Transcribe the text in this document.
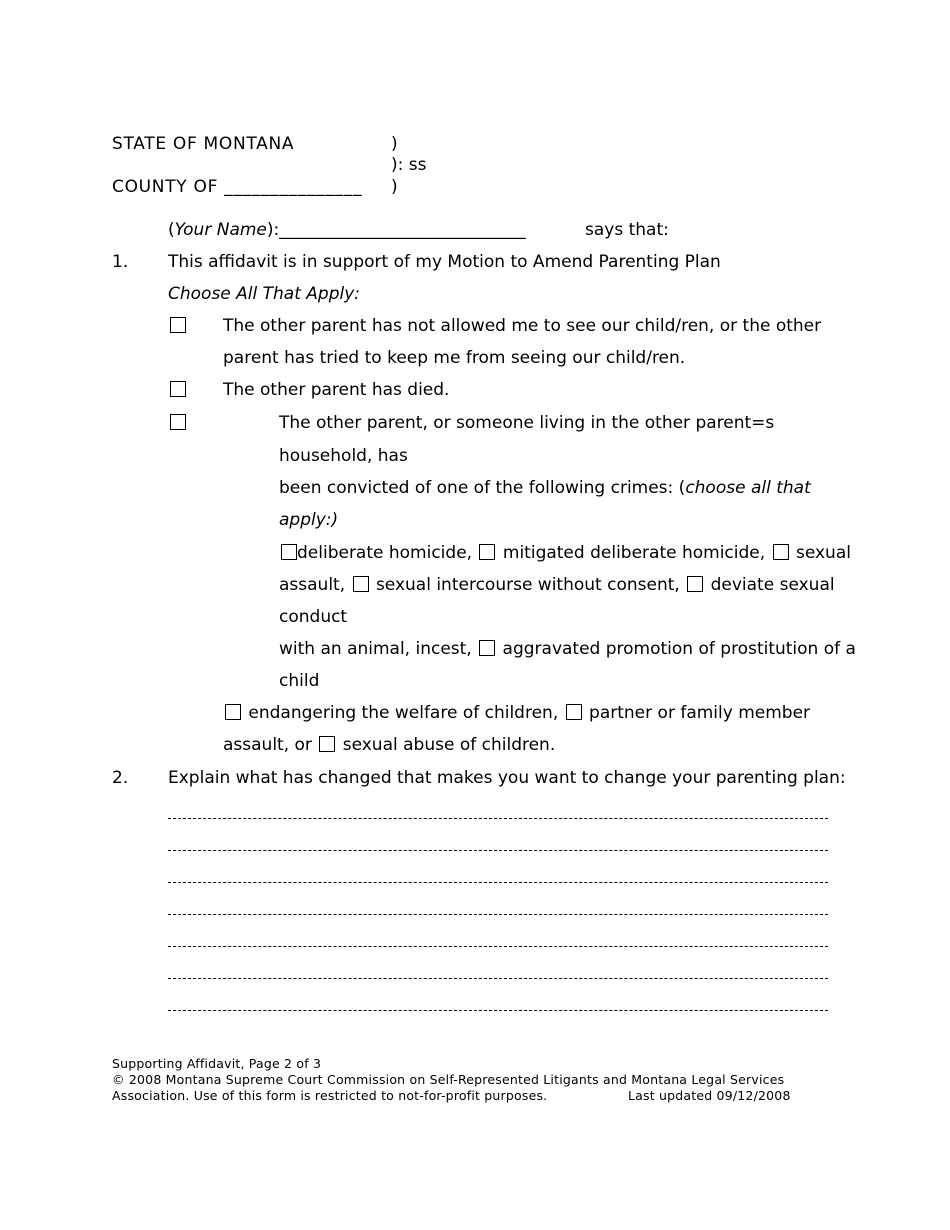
STATE OF MONTANA	)
): ss
COUNTY OF _______________ )
(Your Name):_____________________________	says that:
1. This affidavit is in support of my Motion to Amend Parenting Plan
Choose All That Apply:
The other parent has not allowed me to see our child/ren, or the other
parent has tried to keep me from seeing our child/ren.
The other parent has died.
The other parent, or someone living in the other parent=s
household, has
been convicted of one of the following crimes: (choose all that
apply:)
deliberate homicide, mitigated deliberate homicide, sexual
assault, sexual intercourse without consent, deviate sexual
conduct
with an animal, incest, aggravated promotion of prostitution of a
child
endangering the welfare of children, partner or family member
assault, or sexual abuse of children.
2. Explain what has changed that makes you want to change your parenting plan:
Supporting Affidavit, Page 2 of 3
© 2008 Montana Supreme Court Commission on Self-Represented Litigants and Montana Legal Services
Association. Use of this form is restricted to not-for-profit purposes.	Last updated 09/12/2008
